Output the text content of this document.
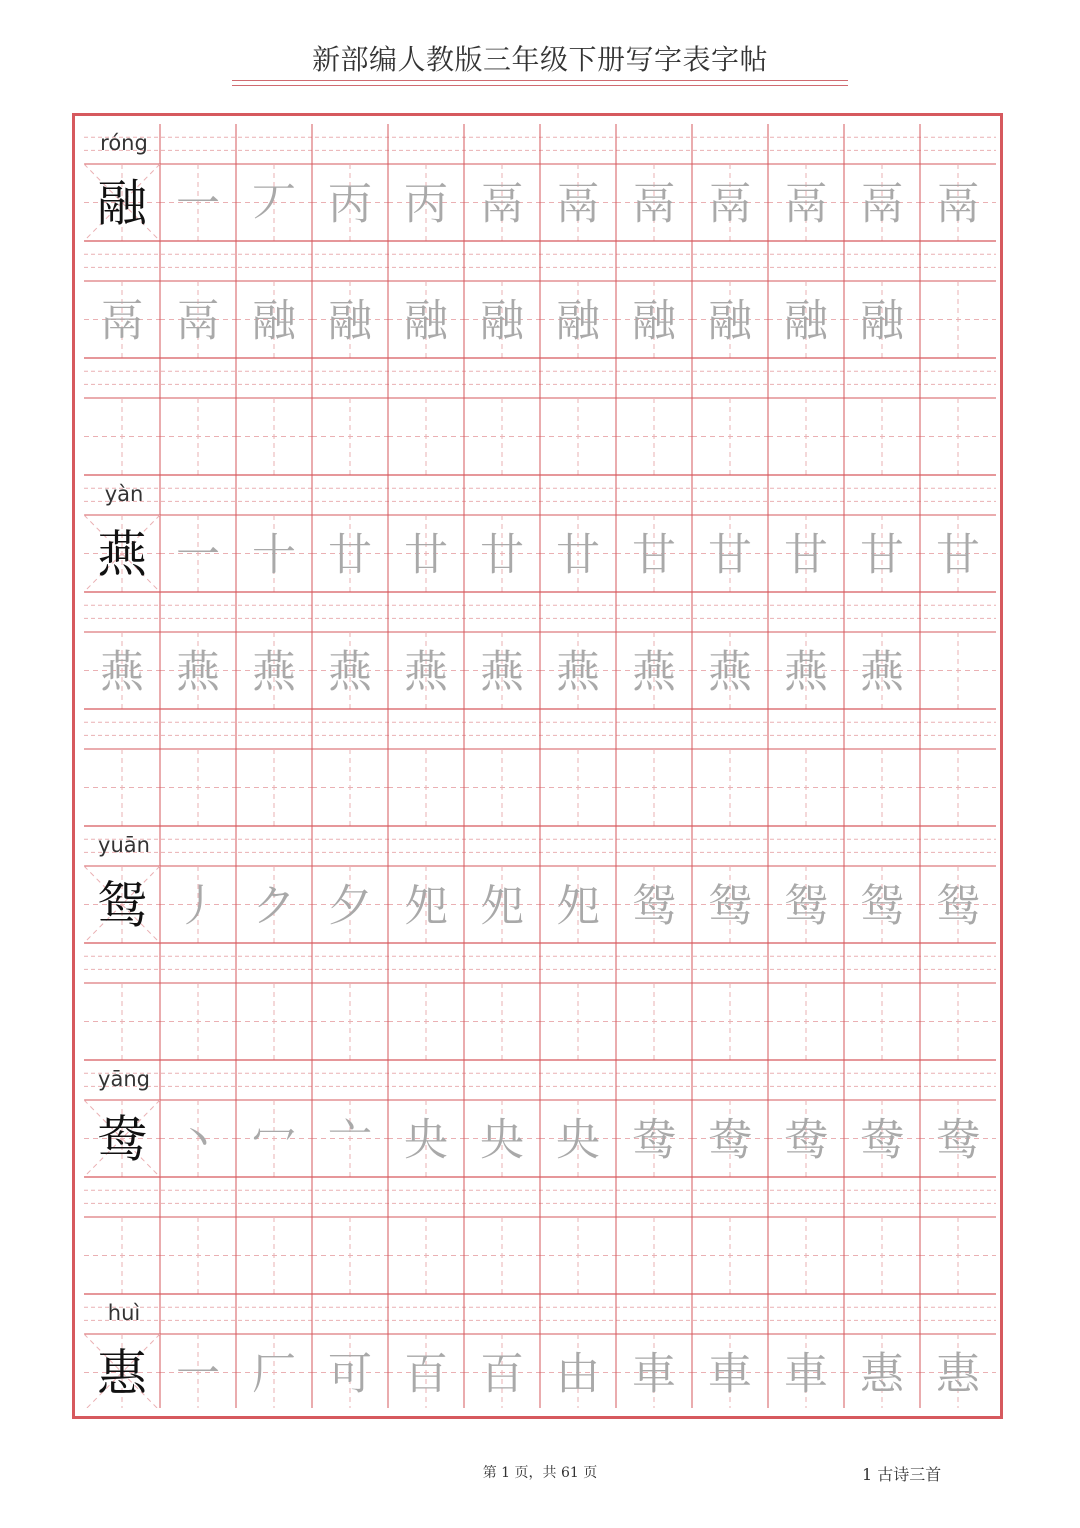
新部编人教版三年级下册写字表字帖
róng
融 一 丆 丙 丙 鬲 鬲 鬲 鬲 鬲 鬲 鬲
鬲 鬲 融 融 融 融 融 融 融 融 融
yàn
燕 一 十 廿 廿 廿 廿 甘 甘 甘 甘 甘
燕 燕 燕 燕 燕 燕 燕 燕 燕 燕 燕
yuān
鸳 丿 ク 夕 夗 夗 夗 鸳 鸳 鸳 鸳 鸳
yāng
鸯 丶 冖 亠 央 央 央 鸯 鸯 鸯 鸯 鸯
huì
惠 一 厂 可 百 百 由 車 車 車 惠 惠
第 1 页，共 61 页	1 古诗三首
